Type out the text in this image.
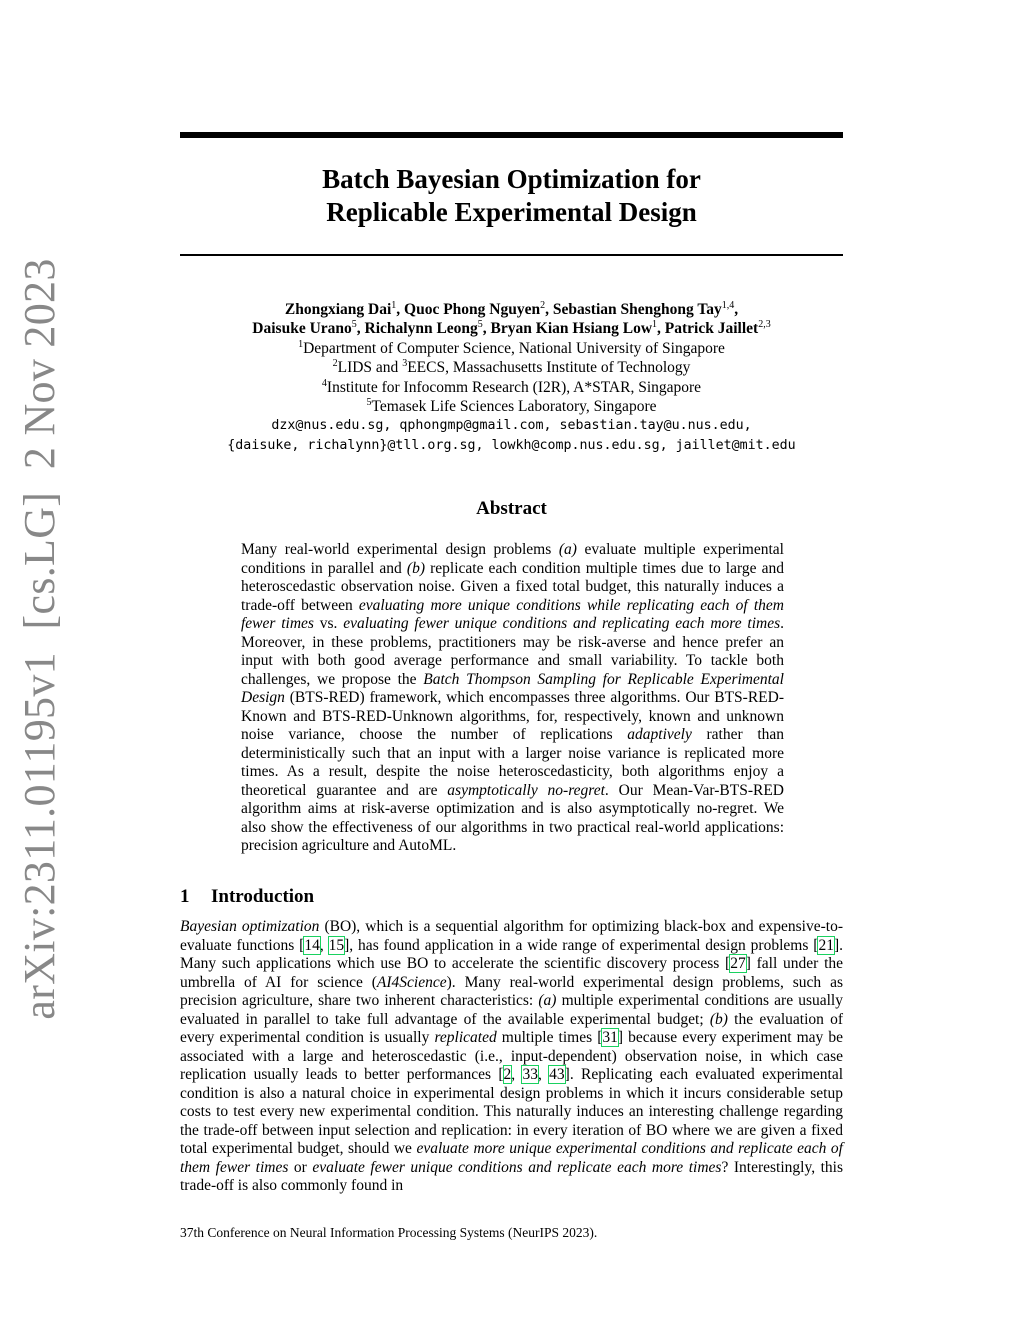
arXiv:2311.01195v1  [cs.LG]  2 Nov 2023
Batch Bayesian Optimization for
Replicable Experimental Design
Zhongxiang Dai$^1$, Quoc Phong Nguyen$^2$, Sebastian Shenghong Tay$^{1,4}$,
Daisuke Urano$^5$, Richalynn Leong$^5$, Bryan Kian Hsiang Low$^1$, Patrick Jaillet$^{2,3}$
$^1$Department of Computer Science, National University of Singapore
$^2$LIDS and $^3$EECS, Massachusetts Institute of Technology
$^4$Institute for Infocomm Research (I2R), A*STAR, Singapore
$^5$Temasek Life Sciences Laboratory, Singapore
dzx@nus.edu.sg, qphongmp@gmail.com, sebastian.tay@u.nus.edu,
{daisuke, richalynn}@tll.org.sg, lowkh@comp.nus.edu.sg, jaillet@mit.edu
Abstract
Many real-world experimental design problems (a) evaluate multiple experimental conditions in parallel and (b) replicate each condition multiple times due to large and heteroscedastic observation noise. Given a fixed total budget, this naturally induces a trade-off between evaluating more unique conditions while replicating each of them fewer times vs. evaluating fewer unique conditions and replicating each more times. Moreover, in these problems, practitioners may be risk-averse and hence prefer an input with both good average performance and small variability. To tackle both challenges, we propose the Batch Thompson Sampling for Replicable Experimental Design (BTS-RED) framework, which encompasses three algorithms. Our BTS-RED-Known and BTS-RED-Unknown algorithms, for, respectively, known and unknown noise variance, choose the number of replications adaptively rather than deterministically such that an input with a larger noise variance is replicated more times. As a result, despite the noise heteroscedasticity, both algorithms enjoy a theoretical guarantee and are asymptotically no-regret. Our Mean-Var-BTS-RED algorithm aims at risk-averse optimization and is also asymptotically no-regret. We also show the effectiveness of our algorithms in two practical real-world applications: precision agriculture and AutoML.
1 Introduction
Bayesian optimization (BO), which is a sequential algorithm for optimizing black-box and expensive-to-evaluate functions [14, 15], has found application in a wide range of experimental design problems [21]. Many such applications which use BO to accelerate the scientific discovery process [27] fall under the umbrella of AI for science (AI4Science). Many real-world experimental design problems, such as precision agriculture, share two inherent characteristics: (a) multiple experimental conditions are usually evaluated in parallel to take full advantage of the available experimental budget; (b) the evaluation of every experimental condition is usually replicated multiple times [31] because every experiment may be associated with a large and heteroscedastic (i.e., input-dependent) observation noise, in which case replication usually leads to better performances [2, 33, 43]. Replicating each evaluated experimental condition is also a natural choice in experimental design problems in which it incurs considerable setup costs to test every new experimental condition. This naturally induces an interesting challenge regarding the trade-off between input selection and replication: in every iteration of BO where we are given a fixed total experimental budget, should we evaluate more unique experimental conditions and replicate each of them fewer times or evaluate fewer unique conditions and replicate each more times? Interestingly, this trade-off is also commonly found in
37th Conference on Neural Information Processing Systems (NeurIPS 2023).
